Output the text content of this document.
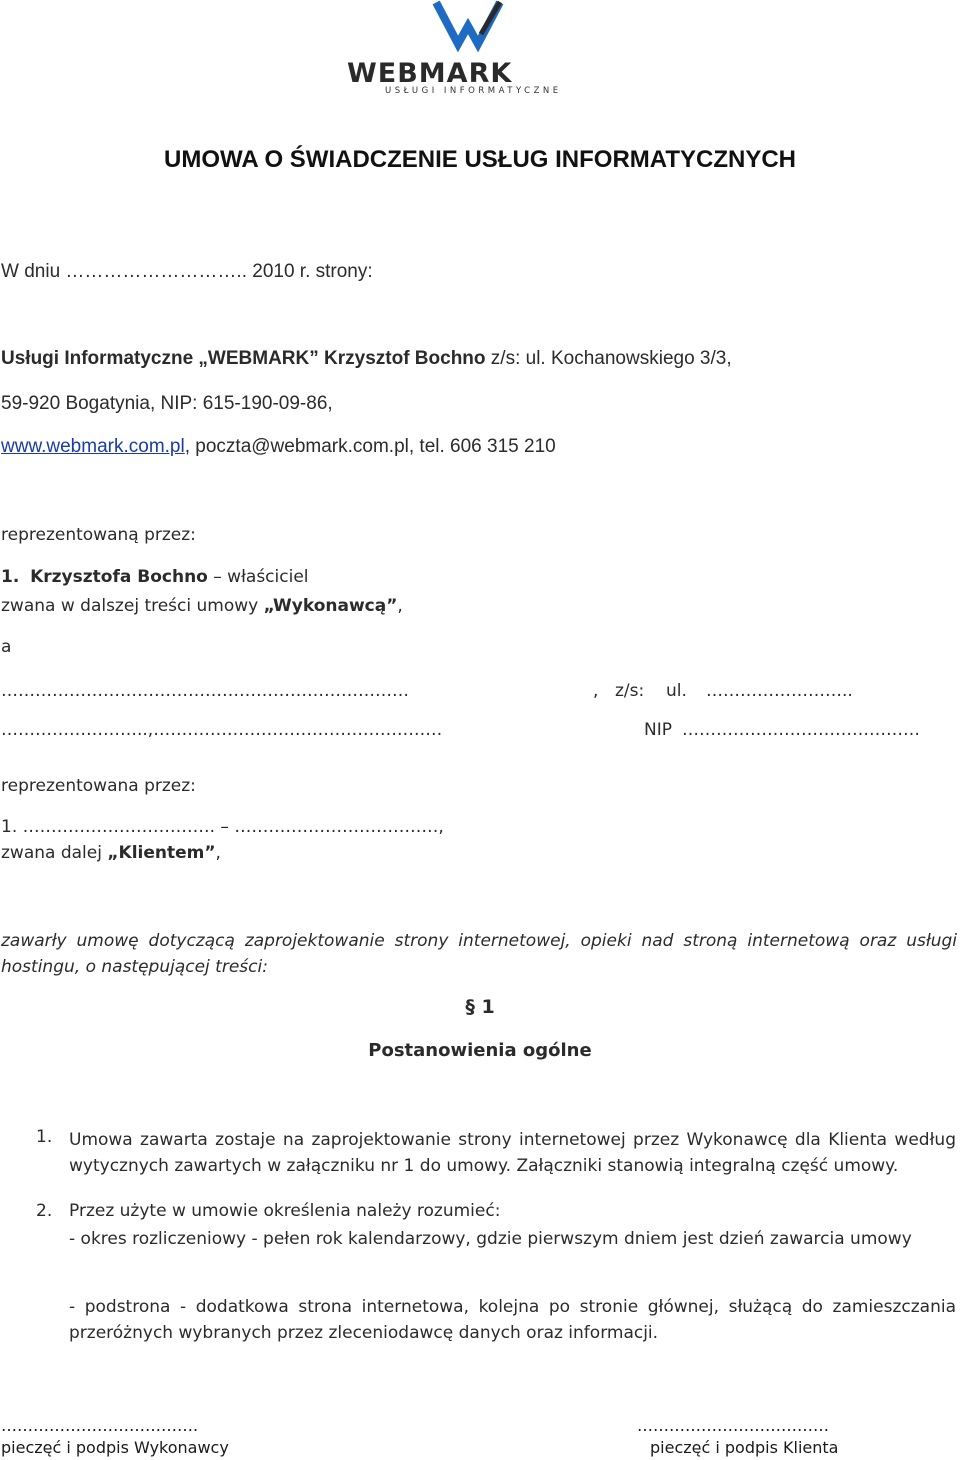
WEBMARK
USŁUGI INFORMATYCZNE
UMOWA O ŚWIADCZENIE USŁUG INFORMATYCZNYCH
W dniu ……………………….. 2010 r. strony:
Usługi Informatyczne „WEBMARK” Krzysztof Bochno z/s: ul. Kochanowskiego 3/3,
59-920 Bogatynia, NIP: 615-190-09-86,
www.webmark.com.pl, poczta@webmark.com.pl, tel. 606 315 210
reprezentowaną przez:
1. Krzysztofa Bochno – właściciel
zwana w dalszej treści umowy „Wykonawcą”,
a
………………………………………………………………	, z/s: ul. ……………………..
……………………..,……………………………………………	NIP ……………………………………
reprezentowana przez:
1. ……………………………. – ………………………………,
zwana dalej „Klientem”,
zawarły umowę dotyczącą zaprojektowanie strony internetowej, opieki nad stroną internetową oraz usługi hostingu, o następującej treści:
§ 1
Postanowienia ogólne
1. Umowa zawarta zostaje na zaprojektowanie strony internetowej przez Wykonawcę dla Klienta według wytycznych zawartych w załączniku nr 1 do umowy. Załączniki stanowią integralną część umowy.
2. Przez użyte w umowie określenia należy rozumieć:
- okres rozliczeniowy - pełen rok kalendarzowy, gdzie pierwszym dniem jest dzień zawarcia umowy
- podstrona - dodatkowa strona internetowa, kolejna po stronie głównej, służącą do zamieszczania przeróżnych wybranych przez zleceniodawcę danych oraz informacji.
……………………………….
pieczęć i podpis Wykonawcy
………………………………
pieczęć i podpis Klienta
